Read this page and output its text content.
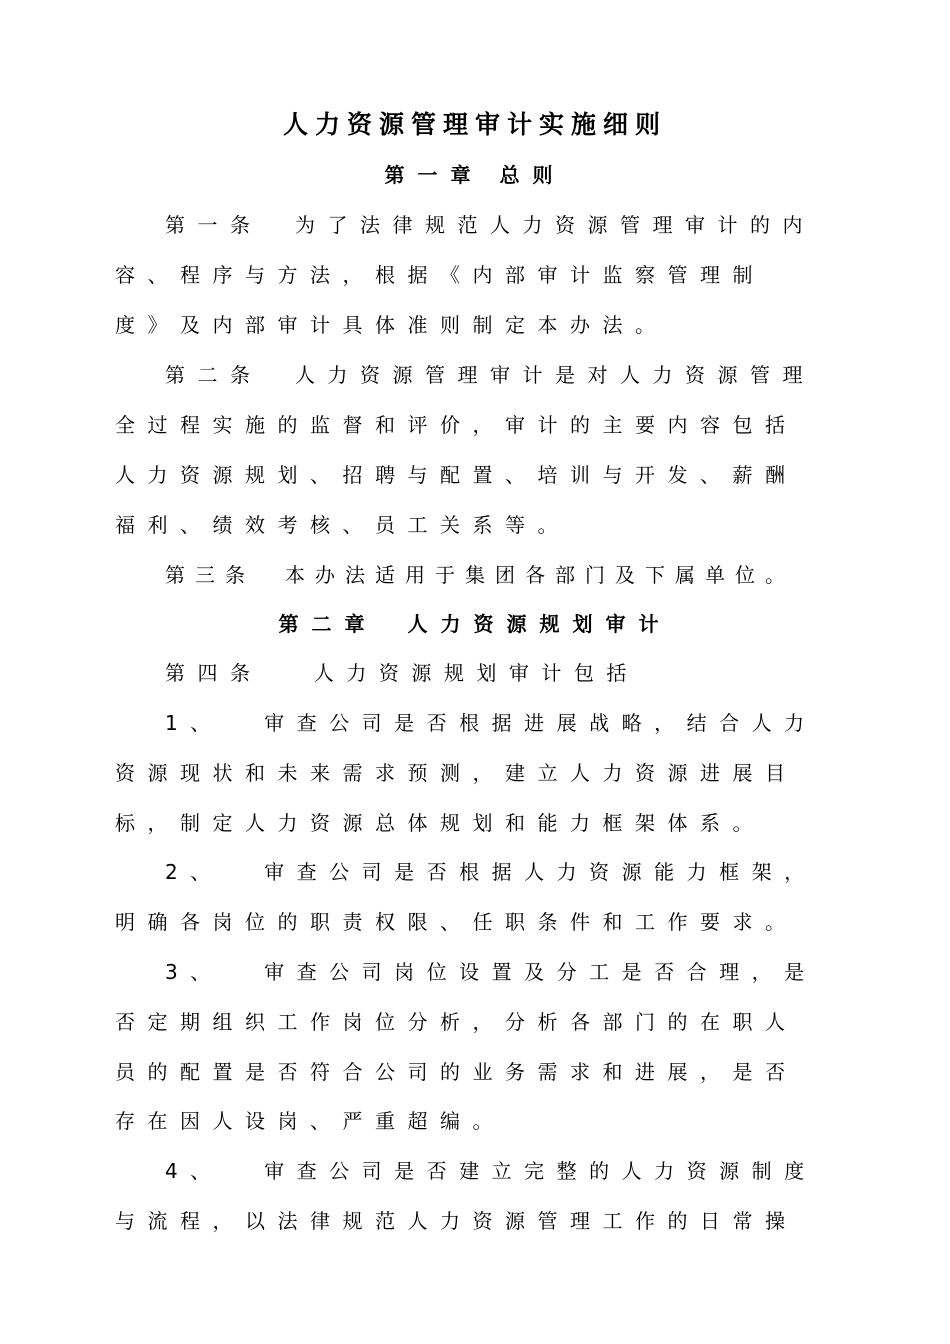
人力资源管理审计实施细则
第一章 总则
第一条　为了法律规范人力资源管理审计的内
容、程序与方法，根据《内部审计监察管理制
度》及内部审计具体准则制定本办法。
第二条　人力资源管理审计是对人力资源管理
全过程实施的监督和评价，审计的主要内容包括
人力资源规划、招聘与配置、培训与开发、薪酬
福利、绩效考核、员工关系等。
第三条　本办法适用于集团各部门及下属单位。
第二章 人力资源规划审计
第四条　 人力资源规划审计包括
1、　 审查公司是否根据进展战略，结合人力
资源现状和未来需求预测，建立人力资源进展目
标，制定人力资源总体规划和能力框架体系。
2、　 审查公司是否根据人力资源能力框架，
明确各岗位的职责权限、任职条件和工作要求。
3、　 审查公司岗位设置及分工是否合理，是
否定期组织工作岗位分析，分析各部门的在职人
员的配置是否符合公司的业务需求和进展，是否
存在因人设岗、严重超编。
4、　 审查公司是否建立完整的人力资源制度
与流程，以法律规范人力资源管理工作的日常操
